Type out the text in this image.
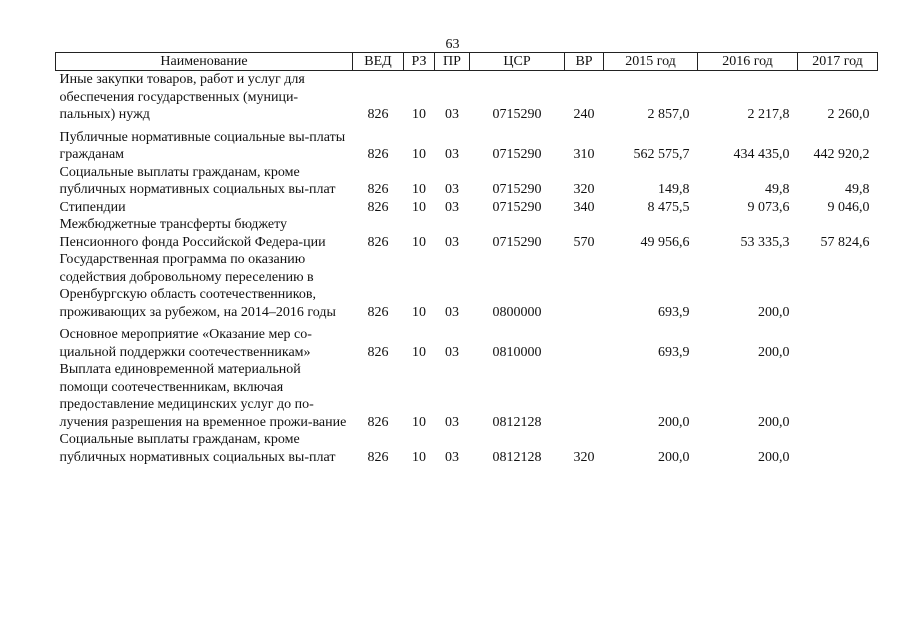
63
Наименование	ВЕД	РЗ	ПР	ЦСР	ВР	2015 год	2016 год	2017 год
Иные закупки товаров, работ и услуг для обеспечения государственных (муници-пальных) нужд	826	10	03	0715290	240	2 857,0	2 217,8	2 260,0
Публичные нормативные социальные вы-платы гражданам	826	10	03	0715290	310	562 575,7	434 435,0	442 920,2
Социальные выплаты гражданам, кроме публичных нормативных социальных вы-плат	826	10	03	0715290	320	149,8	49,8	49,8
Стипендии	826	10	03	0715290	340	8 475,5	9 073,6	9 046,0
Межбюджетные трансферты бюджету Пенсионного фонда Российской Федера-ции	826	10	03	0715290	570	49 956,6	53 335,3	57 824,6
Государственная программа по оказанию содействия добровольному переселению в Оренбургскую область соотечественников, проживающих за рубежом, на 2014–2016 годы	826	10	03	0800000		693,9	200,0	
Основное мероприятие «Оказание мер со-циальной поддержки соотечественникам»	826	10	03	0810000		693,9	200,0	
Выплата единовременной материальной помощи соотечественникам, включая предоставление медицинских услуг до по-лучения разрешения на временное прожи-вание	826	10	03	0812128		200,0	200,0	
Социальные выплаты гражданам, кроме публичных нормативных социальных вы-плат	826	10	03	0812128	320	200,0	200,0	
